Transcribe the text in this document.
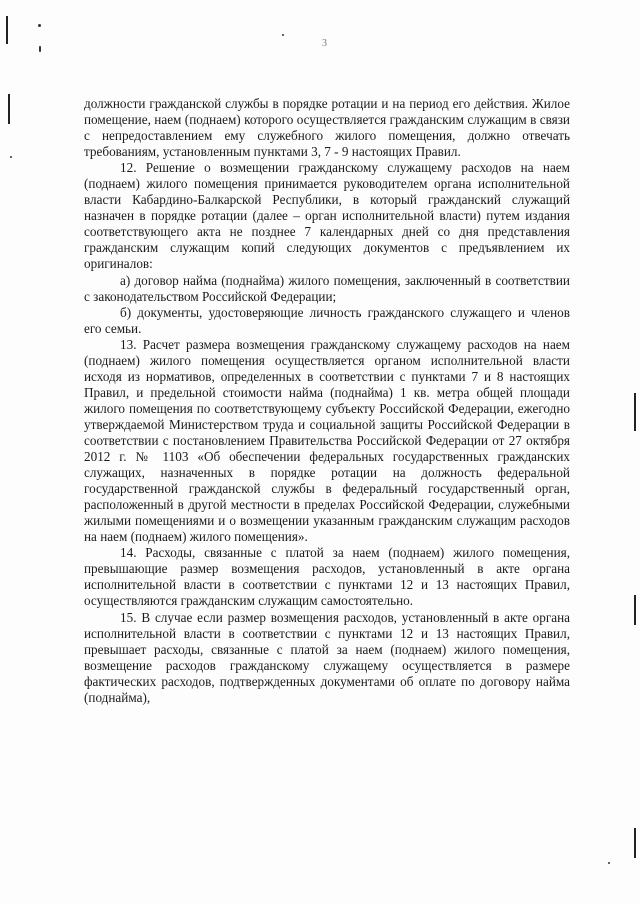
3

должности гражданской службы в порядке ротации и на период его действия. Жилое помещение, наем (поднаем) которого осуществляется гражданским служащим в связи с непредоставлением ему служебного жилого помещения, должно отвечать требованиям, установленным пунктами 3, 7 - 9 настоящих Правил.

12. Решение о возмещении гражданскому служащему расходов на наем (поднаем) жилого помещения принимается руководителем органа исполнительной власти Кабардино-Балкарской Республики, в который гражданский служащий назначен в порядке ротации (далее – орган исполнительной власти) путем издания соответствующего акта не позднее 7 календарных дней со дня представления гражданским служащим копий следующих документов с предъявлением их оригиналов:

а) договор найма (поднайма) жилого помещения, заключенный в соответствии с законодательством Российской Федерации;

б) документы, удостоверяющие личность гражданского служащего и членов его семьи.

13. Расчет размера возмещения гражданскому служащему расходов на наем (поднаем) жилого помещения осуществляется органом исполнительной власти исходя из нормативов, определенных в соответствии с пунктами 7 и 8 настоящих Правил, и предельной стоимости найма (поднайма) 1 кв. метра общей площади жилого помещения по соответствующему субъекту Российской Федерации, ежегодно утверждаемой Министерством труда и социальной защиты Российской Федерации в соответствии с постановлением Правительства Российской Федерации от 27 октября 2012 г. № 1103 «Об обеспечении федеральных государственных гражданских служащих, назначенных в порядке ротации на должность федеральной государственной гражданской службы в федеральный государственный орган, расположенный в другой местности в пределах Российской Федерации, служебными жилыми помещениями и о возмещении указанным гражданским служащим расходов на наем (поднаем) жилого помещения».

14. Расходы, связанные с платой за наем (поднаем) жилого помещения, превышающие размер возмещения расходов, установленный в акте органа исполнительной власти в соответствии с пунктами 12 и 13 настоящих Правил, осуществляются гражданским служащим самостоятельно.

15. В случае если размер возмещения расходов, установленный в акте органа исполнительной власти в соответствии с пунктами 12 и 13 настоящих Правил, превышает расходы, связанные с платой за наем (поднаем) жилого помещения, возмещение расходов гражданскому служащему осуществляется в размере фактических расходов, подтвержденных документами об оплате по договору найма (поднайма),
